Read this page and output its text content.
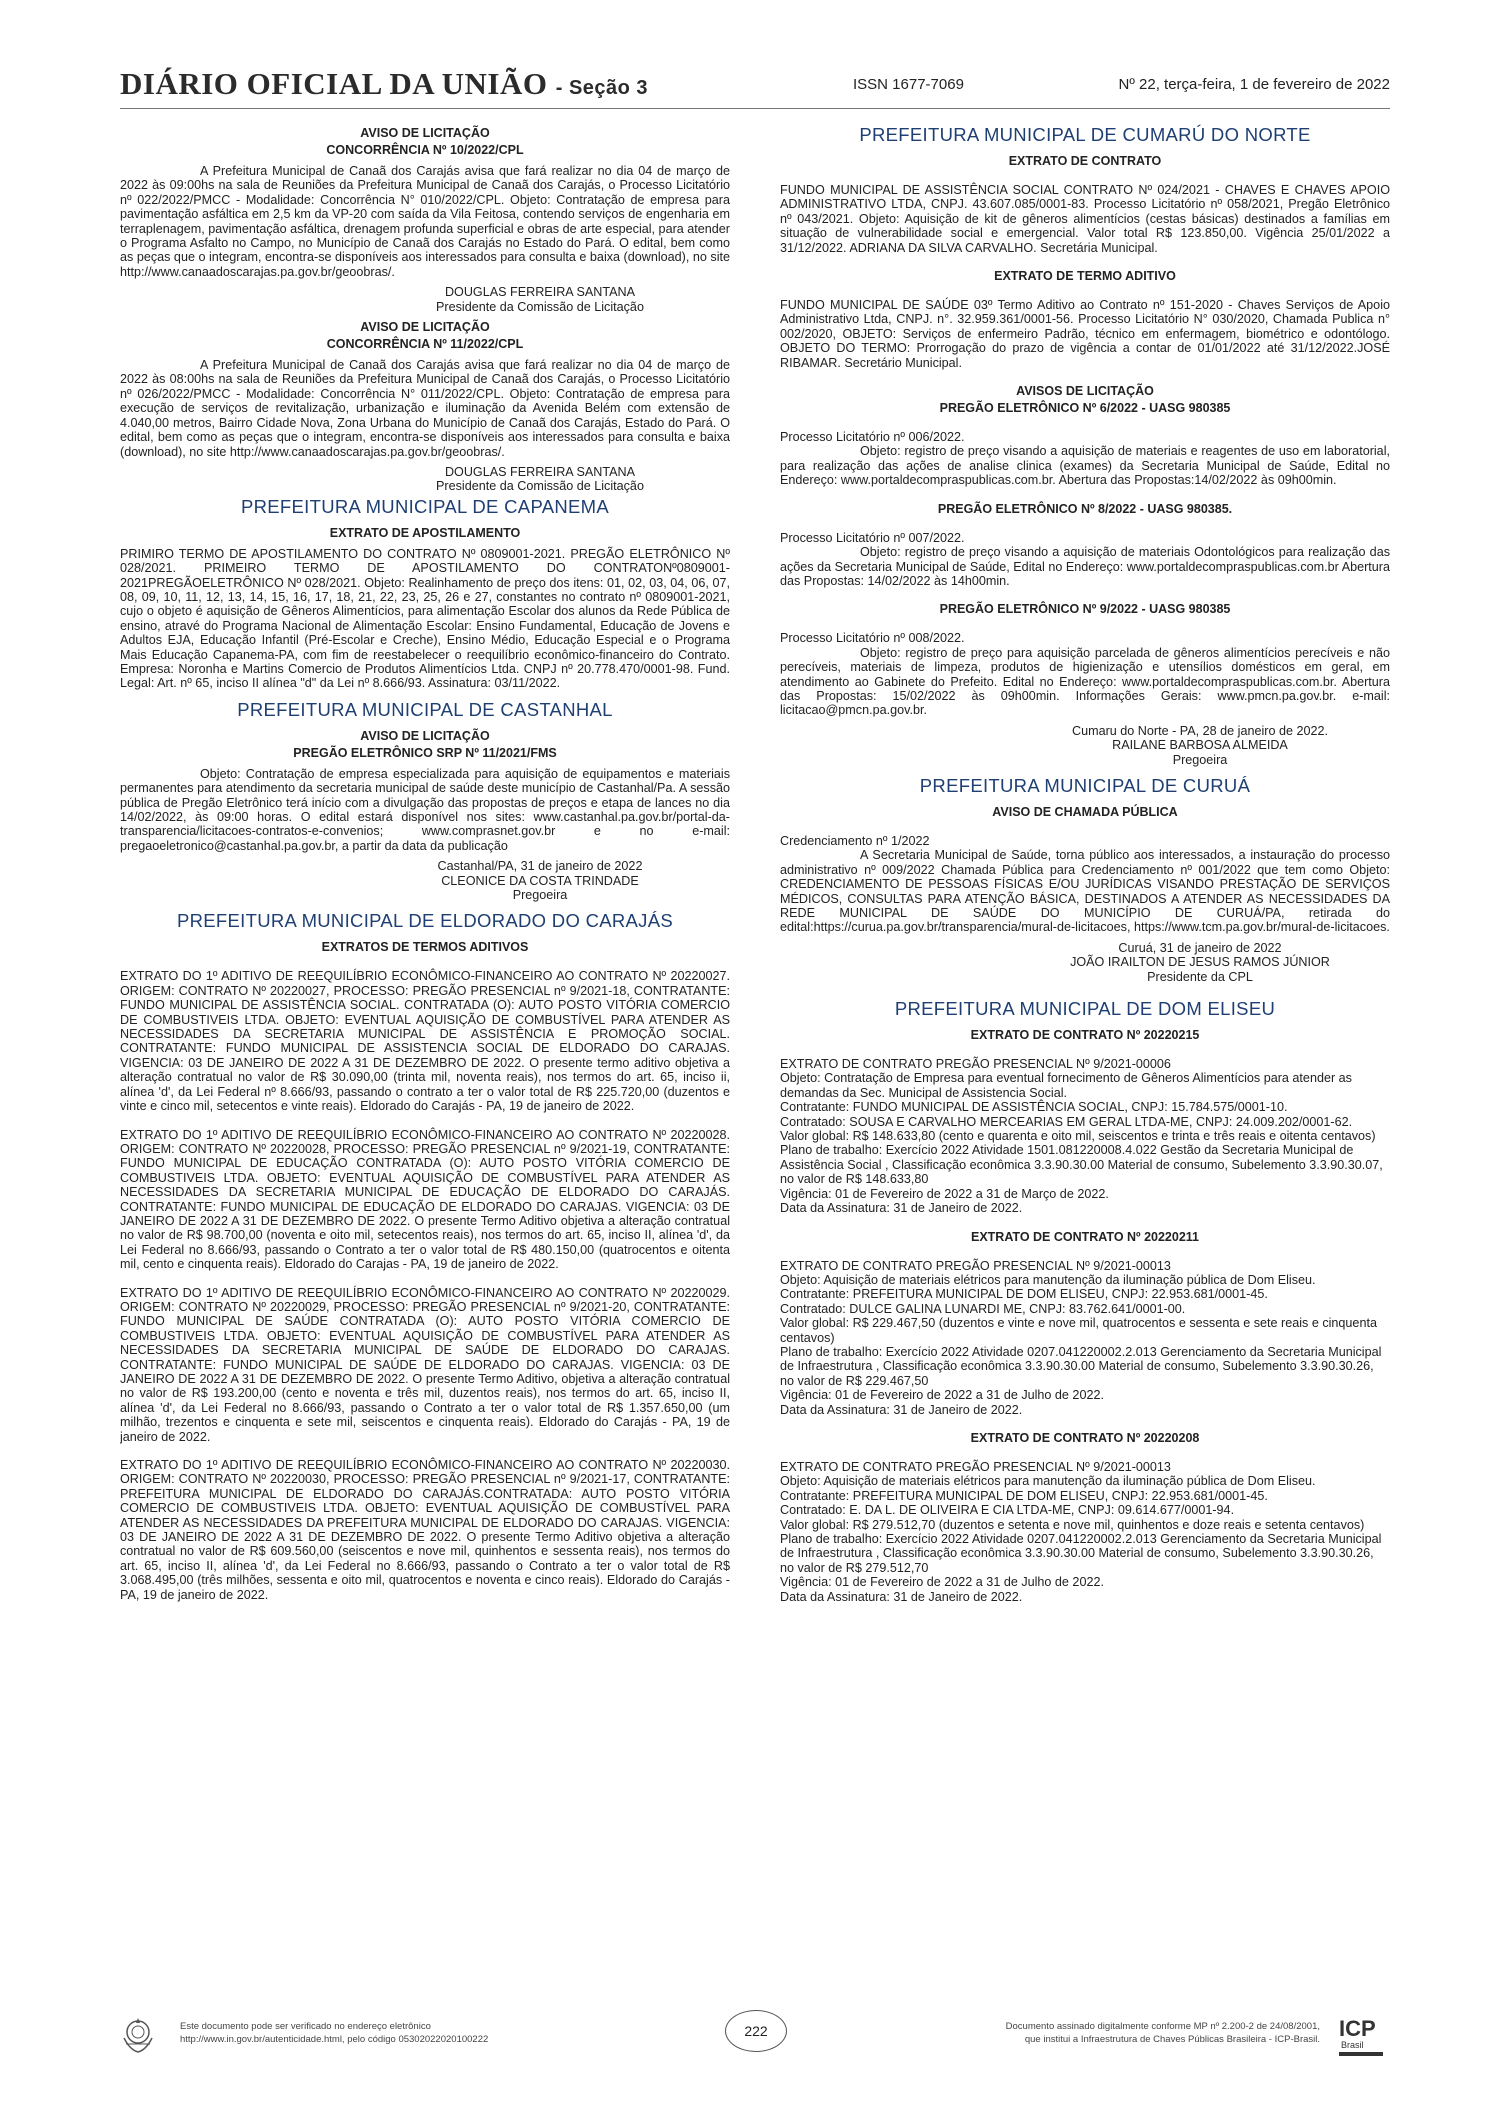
DIÁRIO OFICIAL DA UNIÃO - Seção 3	ISSN 1677-7069	Nº 22, terça-feira, 1 de fevereiro de 2022
AVISO DE LICITAÇÃO
CONCORRÊNCIA Nº 10/2022/CPL
A Prefeitura Municipal de Canaã dos Carajás avisa que fará realizar no dia 04 de março de 2022 às 09:00hs na sala de Reuniões da Prefeitura Municipal de Canaã dos Carajás, o Processo Licitatório nº 022/2022/PMCC - Modalidade: Concorrência N° 010/2022/CPL. Objeto: Contratação de empresa para pavimentação asfáltica em 2,5 km da VP-20 com saída da Vila Feitosa, contendo serviços de engenharia em terraplenagem, pavimentação asfáltica, drenagem profunda superficial e obras de arte especial, para atender o Programa Asfalto no Campo, no Município de Canaã dos Carajás no Estado do Pará. O edital, bem como as peças que o integram, encontra-se disponíveis aos interessados para consulta e baixa (download), no site http://www.canaadoscarajas.pa.gov.br/geoobras/.
DOUGLAS FERREIRA SANTANA
Presidente da Comissão de Licitação
AVISO DE LICITAÇÃO
CONCORRÊNCIA Nº 11/2022/CPL
A Prefeitura Municipal de Canaã dos Carajás avisa que fará realizar no dia 04 de março de 2022 às 08:00hs na sala de Reuniões da Prefeitura Municipal de Canaã dos Carajás, o Processo Licitatório nº 026/2022/PMCC - Modalidade: Concorrência N° 011/2022/CPL. Objeto: Contratação de empresa para execução de serviços de revitalização, urbanização e iluminação da Avenida Belém com extensão de 4.040,00 metros, Bairro Cidade Nova, Zona Urbana do Município de Canaã dos Carajás, Estado do Pará. O edital, bem como as peças que o integram, encontra-se disponíveis aos interessados para consulta e baixa (download), no site http://www.canaadoscarajas.pa.gov.br/geoobras/.
DOUGLAS FERREIRA SANTANA
Presidente da Comissão de Licitação
PREFEITURA MUNICIPAL DE CAPANEMA
EXTRATO DE APOSTILAMENTO
PRIMIRO TERMO DE APOSTILAMENTO DO CONTRATO Nº 0809001-2021. PREGÃO ELETRÔNICO Nº 028/2021. PRIMEIRO TERMO DE APOSTILAMENTO DO CONTRATONº0809001-2021PREGÃOELETRÔNICO Nº 028/2021. Objeto: Realinhamento de preço dos itens: 01, 02, 03, 04, 06, 07, 08, 09, 10, 11, 12, 13, 14, 15, 16, 17, 18, 21, 22, 23, 25, 26 e 27, constantes no contrato nº 0809001-2021, cujo o objeto é aquisição de Gêneros Alimentícios, para alimentação Escolar dos alunos da Rede Pública de ensino, atravé do Programa Nacional de Alimentação Escolar: Ensino Fundamental, Educação de Jovens e Adultos EJA, Educação Infantil (Pré-Escolar e Creche), Ensino Médio, Educação Especial e o Programa Mais Educação Capanema-PA, com fim de reestabelecer o reequilíbrio econômico-financeiro do Contrato. Empresa: Noronha e Martins Comercio de Produtos Alimentícios Ltda. CNPJ nº 20.778.470/0001-98. Fund. Legal: Art. nº 65, inciso II alínea "d" da Lei nº 8.666/93. Assinatura: 03/11/2022.
PREFEITURA MUNICIPAL DE CASTANHAL
AVISO DE LICITAÇÃO
PREGÃO ELETRÔNICO SRP Nº 11/2021/FMS
Objeto: Contratação de empresa especializada para aquisição de equipamentos e materiais permanentes para atendimento da secretaria municipal de saúde deste município de Castanhal/Pa. A sessão pública de Pregão Eletrônico terá início com a divulgação das propostas de preços e etapa de lances no dia 14/02/2022, às 09:00 horas. O edital estará disponível nos sites: www.castanhal.pa.gov.br/portal-da-transparencia/licitacoes-contratos-e-convenios; www.comprasnet.gov.br e no e-mail: pregaoeletronico@castanhal.pa.gov.br, a partir da data da publicação
Castanhal/PA, 31 de janeiro de 2022
CLEONICE DA COSTA TRINDADE
Pregoeira
PREFEITURA MUNICIPAL DE ELDORADO DO CARAJÁS
EXTRATOS DE TERMOS ADITIVOS
EXTRATO DO 1º ADITIVO DE REEQUILÍBRIO ECONÔMICO-FINANCEIRO AO CONTRATO Nº 20220027. ORIGEM: CONTRATO Nº 20220027, PROCESSO: PREGÃO PRESENCIAL nº 9/2021-18, CONTRATANTE: FUNDO MUNICIPAL DE ASSISTÊNCIA SOCIAL. CONTRATADA (O): AUTO POSTO VITÓRIA COMERCIO DE COMBUSTIVEIS LTDA. OBJETO: EVENTUAL AQUISIÇÃO DE COMBUSTÍVEL PARA ATENDER AS NECESSIDADES DA SECRETARIA MUNICIPAL DE ASSISTÊNCIA E PROMOÇÃO SOCIAL. CONTRATANTE: FUNDO MUNICIPAL DE ASSISTENCIA SOCIAL DE ELDORADO DO CARAJAS. VIGENCIA: 03 DE JANEIRO DE 2022 A 31 DE DEZEMBRO DE 2022. O presente termo aditivo objetiva a alteração contratual no valor de R$ 30.090,00 (trinta mil, noventa reais), nos termos do art. 65, inciso ii, alínea 'd', da Lei Federal nº 8.666/93, passando o contrato a ter o valor total de R$ 225.720,00 (duzentos e vinte e cinco mil, setecentos e vinte reais). Eldorado do Carajás - PA, 19 de janeiro de 2022.
EXTRATO DO 1º ADITIVO DE REEQUILÍBRIO ECONÔMICO-FINANCEIRO AO CONTRATO Nº 20220028. ORIGEM: CONTRATO Nº 20220028, PROCESSO: PREGÃO PRESENCIAL nº 9/2021-19, CONTRATANTE: FUNDO MUNICIPAL DE EDUCAÇÃO CONTRATADA (O): AUTO POSTO VITÓRIA COMERCIO DE COMBUSTIVEIS LTDA. OBJETO: EVENTUAL AQUISIÇÃO DE COMBUSTÍVEL PARA ATENDER AS NECESSIDADES DA SECRETARIA MUNICIPAL DE EDUCAÇÃO DE ELDORADO DO CARAJÁS. CONTRATANTE: FUNDO MUNICIPAL DE EDUCAÇÃO DE ELDORADO DO CARAJAS. VIGENCIA: 03 DE JANEIRO DE 2022 A 31 DE DEZEMBRO DE 2022. O presente Termo Aditivo objetiva a alteração contratual no valor de R$ 98.700,00 (noventa e oito mil, setecentos reais), nos termos do art. 65, inciso II, alínea 'd', da Lei Federal no 8.666/93, passando o Contrato a ter o valor total de R$ 480.150,00 (quatrocentos e oitenta mil, cento e cinquenta reais). Eldorado do Carajas - PA, 19 de janeiro de 2022.
EXTRATO DO 1º ADITIVO DE REEQUILÍBRIO ECONÔMICO-FINANCEIRO AO CONTRATO Nº 20220029. ORIGEM: CONTRATO Nº 20220029, PROCESSO: PREGÃO PRESENCIAL nº 9/2021-20, CONTRATANTE: FUNDO MUNICIPAL DE SAÚDE CONTRATADA (O): AUTO POSTO VITÓRIA COMERCIO DE COMBUSTIVEIS LTDA. OBJETO: EVENTUAL AQUISIÇÃO DE COMBUSTÍVEL PARA ATENDER AS NECESSIDADES DA SECRETARIA MUNICIPAL DE SAÚDE DE ELDORADO DO CARAJAS. CONTRATANTE: FUNDO MUNICIPAL DE SAÚDE DE ELDORADO DO CARAJAS. VIGENCIA: 03 DE JANEIRO DE 2022 A 31 DE DEZEMBRO DE 2022. O presente Termo Aditivo, objetiva a alteração contratual no valor de R$ 193.200,00 (cento e noventa e três mil, duzentos reais), nos termos do art. 65, inciso II, alínea 'd', da Lei Federal no 8.666/93, passando o Contrato a ter o valor total de R$ 1.357.650,00 (um milhão, trezentos e cinquenta e sete mil, seiscentos e cinquenta reais). Eldorado do Carajás - PA, 19 de janeiro de 2022.
EXTRATO DO 1º ADITIVO DE REEQUILÍBRIO ECONÔMICO-FINANCEIRO AO CONTRATO Nº 20220030. ORIGEM: CONTRATO Nº 20220030, PROCESSO: PREGÃO PRESENCIAL nº 9/2021-17, CONTRATANTE: PREFEITURA MUNICIPAL DE ELDORADO DO CARAJÁS.CONTRATADA: AUTO POSTO VITÓRIA COMERCIO DE COMBUSTIVEIS LTDA. OBJETO: EVENTUAL AQUISIÇÃO DE COMBUSTÍVEL PARA ATENDER AS NECESSIDADES DA PREFEITURA MUNICIPAL DE ELDORADO DO CARAJAS. VIGENCIA: 03 DE JANEIRO DE 2022 A 31 DE DEZEMBRO DE 2022. O presente Termo Aditivo objetiva a alteração contratual no valor de R$ 609.560,00 (seiscentos e nove mil, quinhentos e sessenta reais), nos termos do art. 65, inciso II, alínea 'd', da Lei Federal no 8.666/93, passando o Contrato a ter o valor total de R$ 3.068.495,00 (três milhões, sessenta e oito mil, quatrocentos e noventa e cinco reais). Eldorado do Carajás - PA, 19 de janeiro de 2022.
PREFEITURA MUNICIPAL DE CUMARÚ DO NORTE
EXTRATO DE CONTRATO
FUNDO MUNICIPAL DE ASSISTÊNCIA SOCIAL CONTRATO Nº 024/2021 - CHAVES E CHAVES APOIO ADMINISTRATIVO LTDA, CNPJ. 43.607.085/0001-83. Processo Licitatório nº 058/2021, Pregão Eletrônico nº 043/2021. Objeto: Aquisição de kit de gêneros alimentícios (cestas básicas) destinados a famílias em situação de vulnerabilidade social e emergencial. Valor total R$ 123.850,00. Vigência 25/01/2022 a 31/12/2022. ADRIANA DA SILVA CARVALHO. Secretária Municipal.
EXTRATO DE TERMO ADITIVO
FUNDO MUNICIPAL DE SAÚDE 03º Termo Aditivo ao Contrato nº 151-2020 - Chaves Serviços de Apoio Administrativo Ltda, CNPJ. n°. 32.959.361/0001-56. Processo Licitatório N° 030/2020, Chamada Publica n° 002/2020, OBJETO: Serviços de enfermeiro Padrão, técnico em enfermagem, biométrico e odontólogo. OBJETO DO TERMO: Prorrogação do prazo de vigência a contar de 01/01/2022 até 31/12/2022.JOSÉ RIBAMAR. Secretário Municipal.
AVISOS DE LICITAÇÃO
PREGÃO ELETRÔNICO Nº 6/2022 - UASG 980385
Processo Licitatório nº 006/2022.
Objeto: registro de preço visando a aquisição de materiais e reagentes de uso em laboratorial, para realização das ações de analise clinica (exames) da Secretaria Municipal de Saúde, Edital no Endereço: www.portaldecompraspublicas.com.br. Abertura das Propostas:14/02/2022 às 09h00min.
PREGÃO ELETRÔNICO Nº 8/2022 - UASG 980385.
Processo Licitatório nº 007/2022.
Objeto: registro de preço visando a aquisição de materiais Odontológicos para realização das ações da Secretaria Municipal de Saúde, Edital no Endereço: www.portaldecompraspublicas.com.br Abertura das Propostas: 14/02/2022 às 14h00min.
PREGÃO ELETRÔNICO Nº 9/2022 - UASG 980385
Processo Licitatório nº 008/2022.
Objeto: registro de preço para aquisição parcelada de gêneros alimentícios perecíveis e não perecíveis, materiais de limpeza, produtos de higienização e utensílios domésticos em geral, em atendimento ao Gabinete do Prefeito. Edital no Endereço: www.portaldecompraspublicas.com.br. Abertura das Propostas: 15/02/2022 às 09h00min. Informações Gerais: www.pmcn.pa.gov.br. e-mail: licitacao@pmcn.pa.gov.br.
Cumaru do Norte - PA, 28 de janeiro de 2022.
RAILANE BARBOSA ALMEIDA
Pregoeira
PREFEITURA MUNICIPAL DE CURUÁ
AVISO DE CHAMADA PÚBLICA
Credenciamento nº 1/2022
A Secretaria Municipal de Saúde, torna público aos interessados, a instauração do processo administrativo nº 009/2022 Chamada Pública para Credenciamento nº 001/2022 que tem como Objeto: CREDENCIAMENTO DE PESSOAS FÍSICAS E/OU JURÍDICAS VISANDO PRESTAÇÃO DE SERVIÇOS MÉDICOS, CONSULTAS PARA ATENÇÃO BÁSICA, DESTINADOS A ATENDER AS NECESSIDADES DA REDE MUNICIPAL DE SAÚDE DO MUNICÍPIO DE CURUÁ/PA, retirada do edital:https://curua.pa.gov.br/transparencia/mural-de-licitacoes, https://www.tcm.pa.gov.br/mural-de-licitacoes.
Curuá, 31 de janeiro de 2022
JOÃO IRAILTON DE JESUS RAMOS JÚNIOR
Presidente da CPL
PREFEITURA MUNICIPAL DE DOM ELISEU
EXTRATO DE CONTRATO Nº 20220215
EXTRATO DE CONTRATO PREGÃO PRESENCIAL Nº 9/2021-00006
Objeto: Contratação de Empresa para eventual fornecimento de Gêneros Alimentícios para atender as demandas da Sec. Municipal de Assistencia Social.
Contratante: FUNDO MUNICIPAL DE ASSISTÊNCIA SOCIAL, CNPJ: 15.784.575/0001-10.
Contratado: SOUSA E CARVALHO MERCEARIAS EM GERAL LTDA-ME, CNPJ: 24.009.202/0001-62.
Valor global: R$ 148.633,80 (cento e quarenta e oito mil, seiscentos e trinta e três reais e oitenta centavos)
Plano de trabalho: Exercício 2022 Atividade 1501.081220008.4.022 Gestão da Secretaria Municipal de Assistência Social , Classificação econômica 3.3.90.30.00 Material de consumo, Subelemento 3.3.90.30.07, no valor de R$ 148.633,80
Vigência: 01 de Fevereiro de 2022 a 31 de Março de 2022.
Data da Assinatura: 31 de Janeiro de 2022.
EXTRATO DE CONTRATO Nº 20220211
EXTRATO DE CONTRATO PREGÃO PRESENCIAL Nº 9/2021-00013
Objeto: Aquisição de materiais elétricos para manutenção da iluminação pública de Dom Eliseu.
Contratante: PREFEITURA MUNICIPAL DE DOM ELISEU, CNPJ: 22.953.681/0001-45.
Contratado: DULCE GALINA LUNARDI ME, CNPJ: 83.762.641/0001-00.
Valor global: R$ 229.467,50 (duzentos e vinte e nove mil, quatrocentos e sessenta e sete reais e cinquenta centavos)
Plano de trabalho: Exercício 2022 Atividade 0207.041220002.2.013 Gerenciamento da Secretaria Municipal de Infraestrutura , Classificação econômica 3.3.90.30.00 Material de consumo, Subelemento 3.3.90.30.26, no valor de R$ 229.467,50
Vigência: 01 de Fevereiro de 2022 a 31 de Julho de 2022.
Data da Assinatura: 31 de Janeiro de 2022.
EXTRATO DE CONTRATO Nº 20220208
EXTRATO DE CONTRATO PREGÃO PRESENCIAL Nº 9/2021-00013
Objeto: Aquisição de materiais elétricos para manutenção da iluminação pública de Dom Eliseu.
Contratante: PREFEITURA MUNICIPAL DE DOM ELISEU, CNPJ: 22.953.681/0001-45.
Contratado: E. DA L. DE OLIVEIRA E CIA LTDA-ME, CNPJ: 09.614.677/0001-94.
Valor global: R$ 279.512,70 (duzentos e setenta e nove mil, quinhentos e doze reais e setenta centavos)
Plano de trabalho: Exercício 2022 Atividade 0207.041220002.2.013 Gerenciamento da Secretaria Municipal de Infraestrutura , Classificação econômica 3.3.90.30.00 Material de consumo, Subelemento 3.3.90.30.26, no valor de R$ 279.512,70
Vigência: 01 de Fevereiro de 2022 a 31 de Julho de 2022.
Data da Assinatura: 31 de Janeiro de 2022.
Este documento pode ser verificado no endereço eletrônico
http://www.in.gov.br/autenticidade.html, pelo código 05302022020100222
222	Documento assinado digitalmente conforme MP nº 2.200-2 de 24/08/2001,
que institui a Infraestrutura de Chaves Públicas Brasileira - ICP-Brasil. ICP
Brasil
